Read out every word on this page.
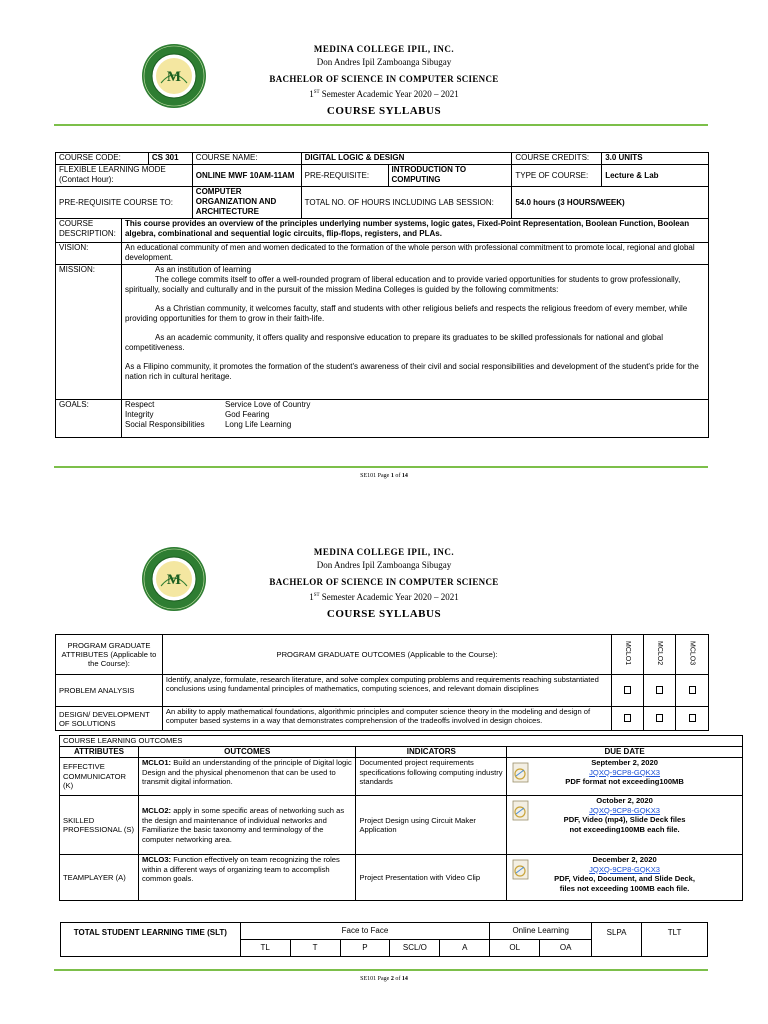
M
MEDINA COLLEGE IPIL, INC.
Don Andres Ipil Zamboanga Sibugay
BACHELOR OF SCIENCE IN COMPUTER SCIENCE
1ST Semester Academic Year 2020 – 2021
COURSE SYLLABUS
COURSE CODE:		CS 301	COURSE NAME:	DIGITAL LOGIC & DESIGN		COURSE CREDITS:	3.0 UNITS
FLEXIBLE LEARNING MODE (Contact Hour):			ONLINE MWF 10AM-11AM	PRE-REQUISITE:	INTRODUCTION TO COMPUTING	TYPE OF COURSE:	Lecture & Lab
PRE-REQUISITE COURSE TO:			COMPUTER ORGANIZATION AND ARCHITECTURE	TOTAL NO. OF HOURS INCLUDING LAB SESSION:		54.0 hours (3 HOURS/WEEK)	
COURSE DESCRIPTION:	This course provides an overview of the principles underlying number systems, logic gates, Fixed-Point Representation, Boolean Function, Boolean algebra, combinational and sequential logic circuits, flip-flops, registers, and PLAs.						
VISION:	An educational community of men and women dedicated to the formation of the whole person with professional commitment to promote local, regional and global development.						
MISSION:	As an institution of learning

The college commits itself to offer a well-rounded program of liberal education and to provide varied opportunities for students to grow professionally, spiritually, socially and culturally and in the pursuit of the mission Medina Colleges is guided by the following commitments:

As a Christian community, it welcomes faculty, staff and students with other religious beliefs and respects the religious freedom of every member, while providing opportunities for them to grow in their faith-life.

As an academic community, it offers quality and responsive education to prepare its graduates to be skilled professionals for national and global competitiveness.

As a Filipino community, it promotes the formation of the student's awareness of their civil and social responsibilities and development of the student's pride for the nation rich in cultural heritage.						

GOALS:	Respect Service Love of Country
Integrity God Fearing
Social Responsibilities Long Life Learning						
SE101 Page 1 of 14
M
MEDINA COLLEGE IPIL, INC.
Don Andres Ipil Zamboanga Sibugay
BACHELOR OF SCIENCE IN COMPUTER SCIENCE
1ST Semester Academic Year 2020 – 2021
COURSE SYLLABUS
PROGRAM GRADUATE ATTRIBUTES (Applicable to the Course):	PROGRAM GRADUATE OUTCOMES (Applicable to the Course):	MCLO1	MCLO2	MCLO3
PROBLEM ANALYSIS	Identify, analyze, formulate, research literature, and solve complex computing problems and requirements reaching substantiated conclusions using fundamental principles of mathematics, computing sciences, and relevant domain disciplines			
DESIGN/ DEVELOPMENT OF SOLUTIONS	An ability to apply mathematical foundations, algorithmic principles and computer science theory in the modeling and design of computer based systems in a way that demonstrates comprehension of the tradeoffs involved in design choices.			
COURSE LEARNING OUTCOMES			
ATTRIBUTES	OUTCOMES	INDICATORS	DUE DATE
EFFECTIVE COMMUNICATOR (K)	MCLO1: Build an understanding of the principle of Digital logic Design and the physical phenomenon that can be used to transmit digital information.	Documented project requirements specifications following computing industry standards	September 2, 2020
JQXQ-9CP8-GQKX3
PDF format not exceeding100MB

SKILLED PROFESSIONAL (S)	MCLO2: apply in some specific areas of networking such as the design and maintenance of individual networks and Familiarize the basic taxonomy and terminology of the computer networking area.	Project Design using Circuit Maker Application	October 2, 2020
JQXQ-9CP8-GQKX3
PDF, Video (mp4), Slide Deck files not exceeding100MB each file.

TEAMPLAYER (A)	MCLO3: Function effectively on team recognizing the roles within a different ways of organizing team to accomplish common goals.	Project Presentation with Video Clip	December 2, 2020
JQXQ-9CP8-GQKX3
PDF, Video, Document, and Slide Deck, files not exceeding 100MB each file.
TOTAL STUDENT LEARNING TIME (SLT)	Face to Face					Online Learning		SLPA	TLT
	TL	T	P	SCL/O	A	OL	OA		
SE101 Page 2 of 14
